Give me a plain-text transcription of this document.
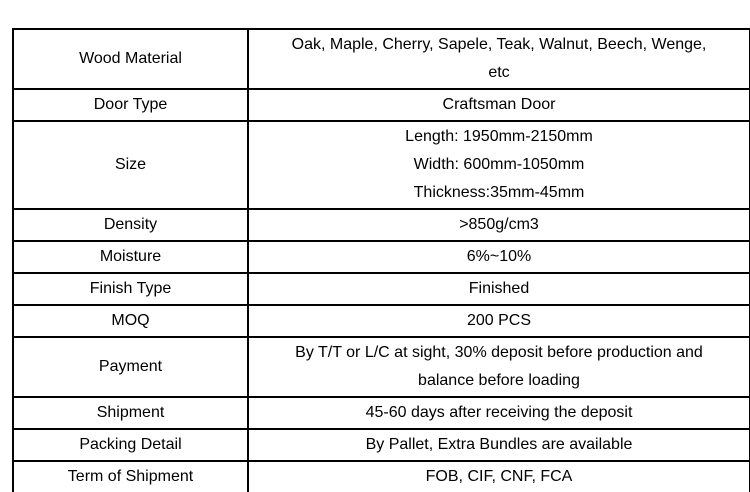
Wood Material	Oak, Maple, Cherry, Sapele, Teak, Walnut, Beech, Wenge,
etc

Door Type	Craftsman Door
Size	Length: 1950mm-2150mm
Width: 600mm-1050mm
Thickness:35mm-45mm

Density	>850g/cm3
Moisture	6%~10%
Finish Type	Finished
MOQ	200 PCS
Payment	By T/T or L/C at sight, 30% deposit before production and
balance before loading

Shipment	45-60 days after receiving the deposit
Packing Detail	By Pallet, Extra Bundles are available
Term of Shipment	FOB, CIF, CNF, FCA
